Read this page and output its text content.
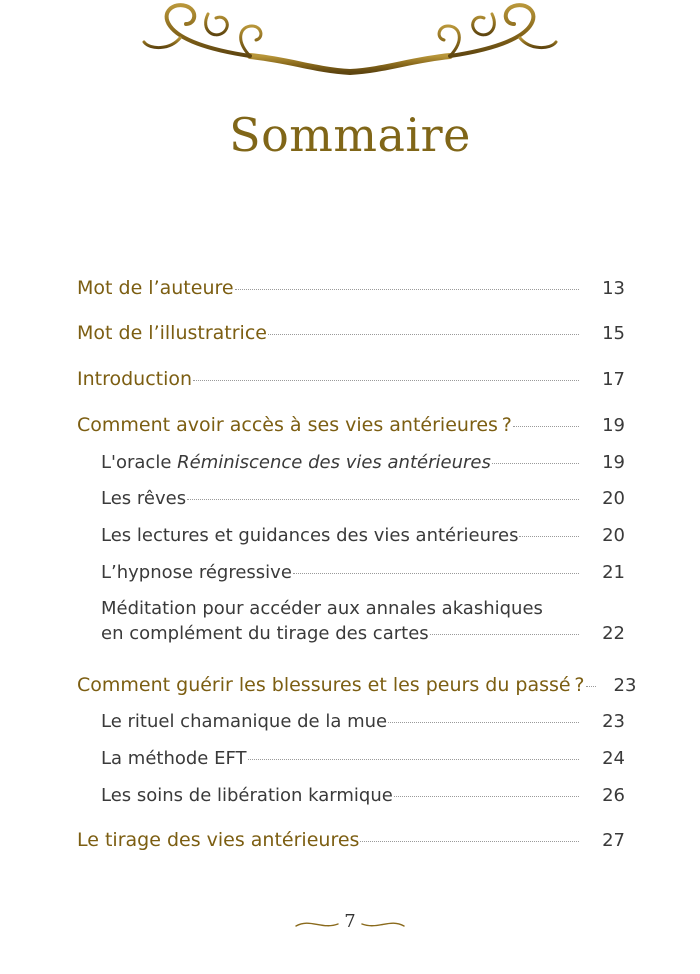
Sommaire
Mot de l’auteure	13
Mot de l’illustratrice	15
Introduction	17
Comment avoir accès à ses vies antérieures ?	19
L'oracle Réminiscence des vies antérieures	19
Les rêves	20
Les lectures et guidances des vies antérieures	20
L’hypnose régressive	21
Méditation pour accéder aux annales akashiques
en complément du tirage des cartes	22
Comment guérir les blessures et les peurs du passé ? 23
Le rituel chamanique de la mue	23
La méthode EFT	24
Les soins de libération karmique	26
Le tirage des vies antérieures	27
7
